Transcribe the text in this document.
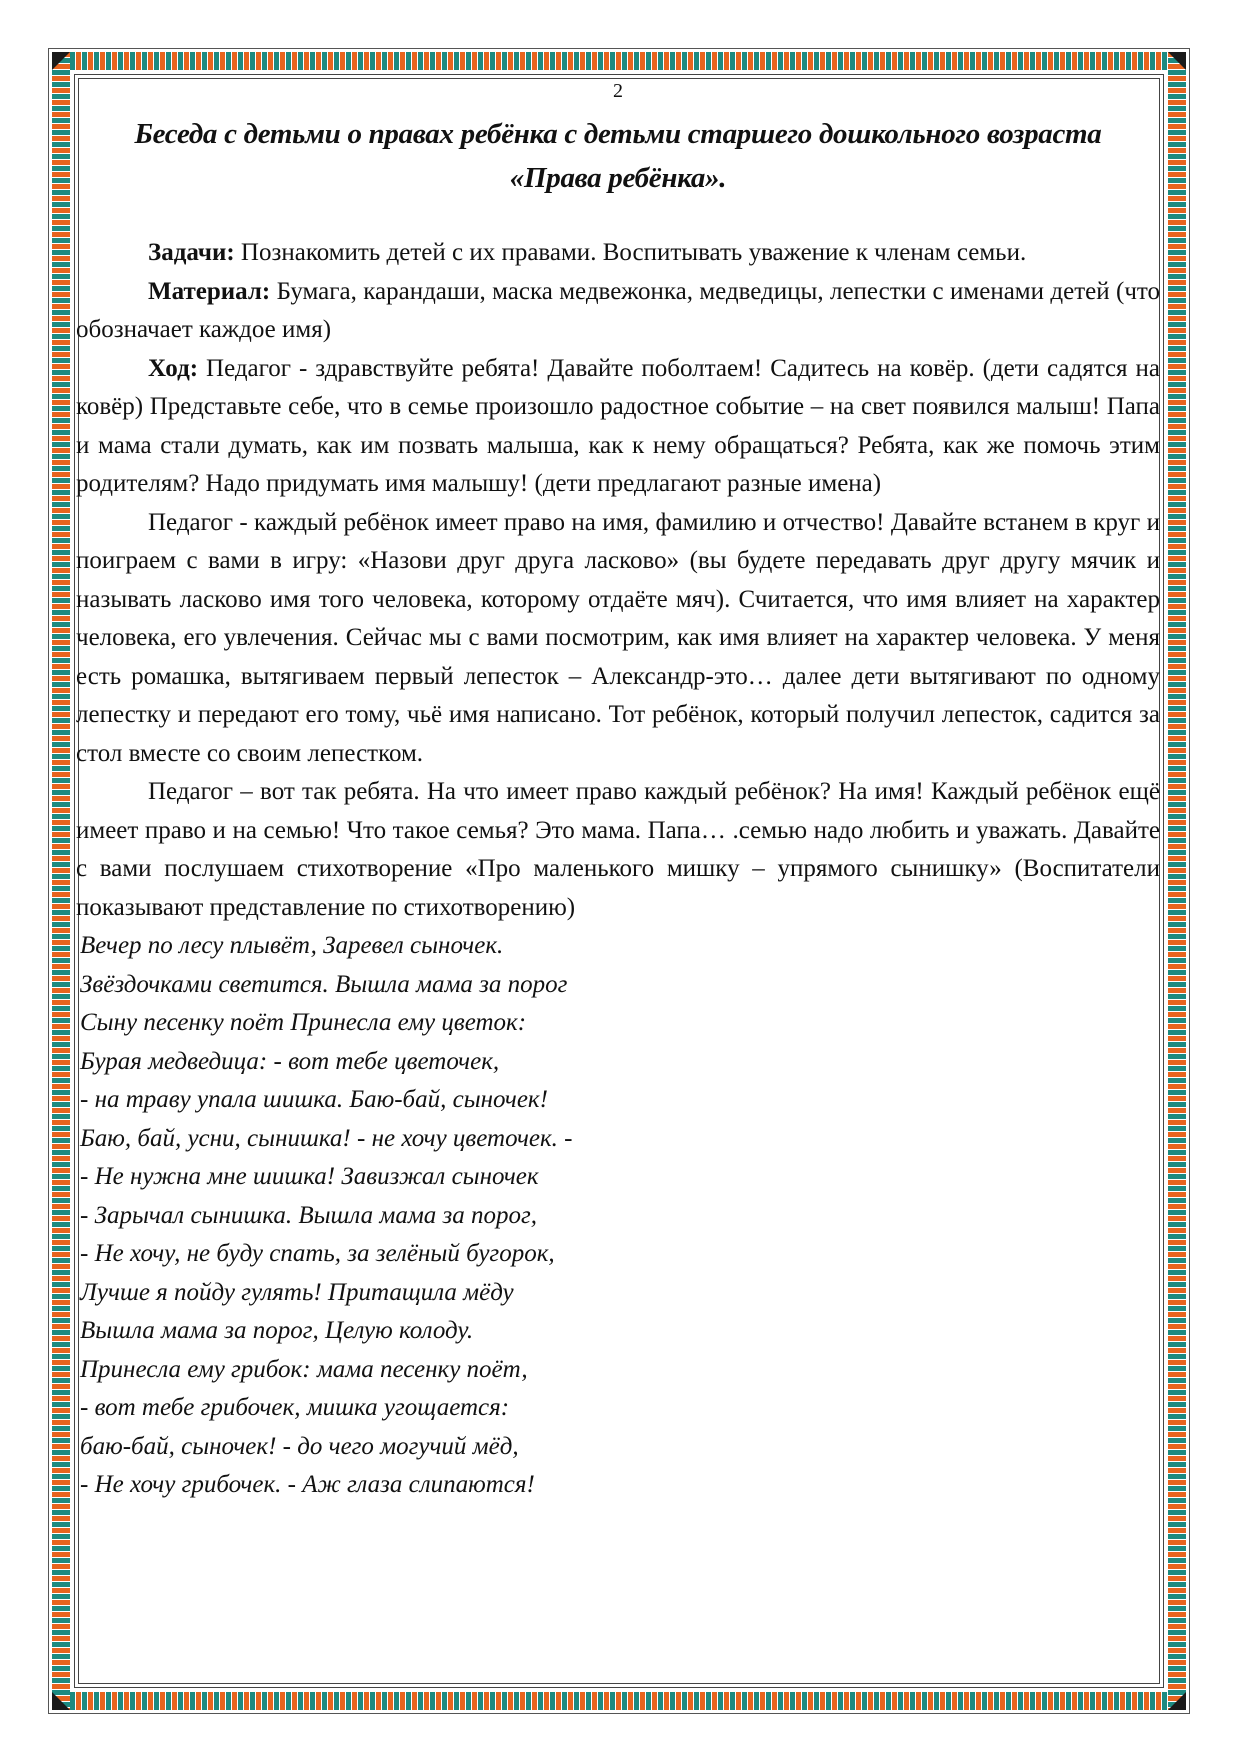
2
Беседа с детьми о правах ребёнка с детьми старшего дошкольного возраста «Права ребёнка».

Задачи: Познакомить детей с их правами. Воспитывать уважение к членам семьи.

Материал: Бумага, карандаши, маска медвежонка, медведицы, лепестки с именами детей (что обозначает каждое имя)

Ход: Педагог - здравствуйте ребята! Давайте поболтаем! Садитесь на ковёр. (дети садятся на ковёр) Представьте себе, что в семье произошло радостное событие – на свет появился малыш! Папа и мама стали думать, как им позвать малыша, как к нему обращаться? Ребята, как же помочь этим родителям? Надо придумать имя малышу! (дети предлагают разные имена)

Педагог - каждый ребёнок имеет право на имя, фамилию и отчество! Давайте встанем в круг и поиграем с вами в игру: «Назови друг друга ласково» (вы будете передавать друг другу мячик и называть ласково имя того человека, которому отдаёте мяч). Считается, что имя влияет на характер человека, его увлечения. Сейчас мы с вами посмотрим, как имя влияет на характер человека. У меня есть ромашка, вытягиваем первый лепесток – Александр-это… далее дети вытягивают по одному лепестку и передают его тому, чьё имя написано. Тот ребёнок, который получил лепесток, садится за стол вместе со своим лепестком.

Педагог – вот так ребята. На что имеет право каждый ребёнок? На имя! Каждый ребёнок ещё имеет право и на семью! Что такое семья? Это мама. Папа… .семью надо любить и уважать. Давайте с вами послушаем стихотворение «Про маленького мишку – упрямого сынишку» (Воспитатели показывают представление по стихотворению)

Вечер по лесу плывёт, Заревел сыночек.
Звёздочками светится. Вышла мама за порог
Сыну песенку поёт Принесла ему цветок:
Бурая медведица: - вот тебе цветочек,
- на траву упала шишка. Баю-бай, сыночек!
Баю, бай, усни, сынишка! - не хочу цветочек. -
- Не нужна мне шишка! Завизжал сыночек
- Зарычал сынишка. Вышла мама за порог,
- Не хочу, не буду спать, за зелёный бугорок,
Лучше я пойду гулять! Притащила мёду
Вышла мама за порог, Целую колоду.
Принесла ему грибок: мама песенку поёт,
- вот тебе грибочек, мишка угощается:
баю-бай, сыночек! - до чего могучий мёд,
- Не хочу грибочек. - Аж глаза слипаются!
